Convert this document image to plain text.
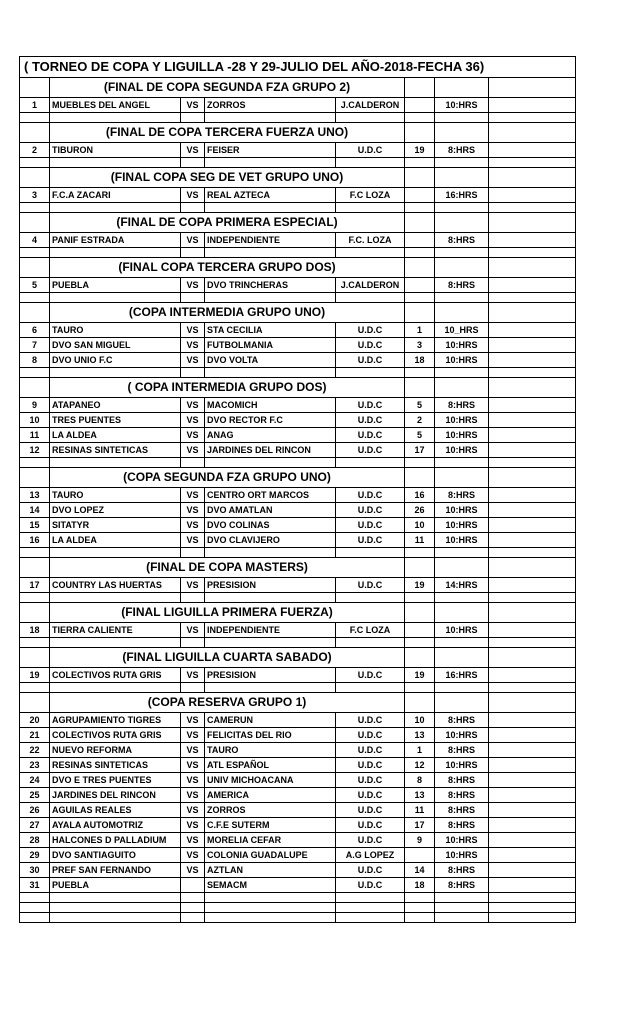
( TORNEO DE COPA Y LIGUILLA -28 Y 29-JULIO DEL AÑO-2018-FECHA 36)							
	(FINAL DE COPA SEGUNDA FZA GRUPO 2)						
1	MUEBLES DEL ANGEL	VS	ZORROS	J.CALDERON		10:HRS	

	(FINAL DE COPA TERCERA FUERZA UNO)						
2	TIBURON	VS	FEISER	U.D.C	19	8:HRS	

	(FINAL COPA SEG DE VET GRUPO UNO)						
3	F.C.A ZACARI	VS	REAL AZTECA	F.C LOZA		16:HRS	

	(FINAL DE COPA PRIMERA ESPECIAL)						
4	PANIF ESTRADA	VS	INDEPENDIENTE	F.C. LOZA		8:HRS	

	(FINAL COPA TERCERA GRUPO DOS)						
5	PUEBLA	VS	DVO TRINCHERAS	J.CALDERON		8:HRS	

	(COPA INTERMEDIA GRUPO UNO)						
6	TAURO	VS	STA CECILIA	U.D.C	1	10_HRS	
7	DVO SAN MIGUEL	VS	FUTBOLMANIA	U.D.C	3	10:HRS	
8	DVO UNIO F.C	VS	DVO VOLTA	U.D.C	18	10:HRS	

	( COPA INTERMEDIA GRUPO DOS)						
9	ATAPANEO	VS	MACOMICH	U.D.C	5	8:HRS	
10	TRES PUENTES	VS	DVO RECTOR F.C	U.D.C	2	10:HRS	
11	LA ALDEA	VS	ANAG	U.D.C	5	10:HRS	
12	RESINAS SINTETICAS	VS	JARDINES DEL RINCON	U.D.C	17	10:HRS	

	(COPA SEGUNDA FZA GRUPO UNO)						
13	TAURO	VS	CENTRO ORT MARCOS	U.D.C	16	8:HRS	
14	DVO LOPEZ	VS	DVO AMATLAN	U.D.C	26	10:HRS	
15	SITATYR	VS	DVO COLINAS	U.D.C	10	10:HRS	
16	LA ALDEA	VS	DVO CLAVIJERO	U.D.C	11	10:HRS	

	(FINAL DE COPA MASTERS)						
17	COUNTRY LAS HUERTAS	VS	PRESISION	U.D.C	19	14:HRS	

	(FINAL LIGUILLA PRIMERA FUERZA)						
18	TIERRA CALIENTE	VS	INDEPENDIENTE	F.C LOZA		10:HRS	

	(FINAL LIGUILLA CUARTA SABADO)						
19	COLECTIVOS RUTA GRIS	VS	PRESISION	U.D.C	19	16:HRS	

	(COPA RESERVA GRUPO 1)						
20	AGRUPAMIENTO TIGRES	VS	CAMERUN	U.D.C	10	8:HRS	
21	COLECTIVOS RUTA GRIS	VS	FELICITAS DEL RIO	U.D.C	13	10:HRS	
22	NUEVO REFORMA	VS	TAURO	U.D.C	1	8:HRS	
23	RESINAS SINTETICAS	VS	ATL ESPAÑOL	U.D.C	12	10:HRS	
24	DVO E TRES PUENTES	VS	UNIV MICHOACANA	U.D.C	8	8:HRS	
25	JARDINES DEL RINCON	VS	AMERICA	U.D.C	13	8:HRS	
26	AGUILAS REALES	VS	ZORROS	U.D.C	11	8:HRS	
27	AYALA AUTOMOTRIZ	VS	C.F.E SUTERM	U.D.C	17	8:HRS	
28	HALCONES D PALLADIUM	VS	MORELIA CEFAR	U.D.C	9	10:HRS	
29	DVO SANTIAGUITO	VS	COLONIA GUADALUPE	A.G LOPEZ		10:HRS	
30	PREF SAN FERNANDO	VS	AZTLAN	U.D.C	14	8:HRS	
31	PUEBLA		SEMACM	U.D.C	18	8:HRS	
